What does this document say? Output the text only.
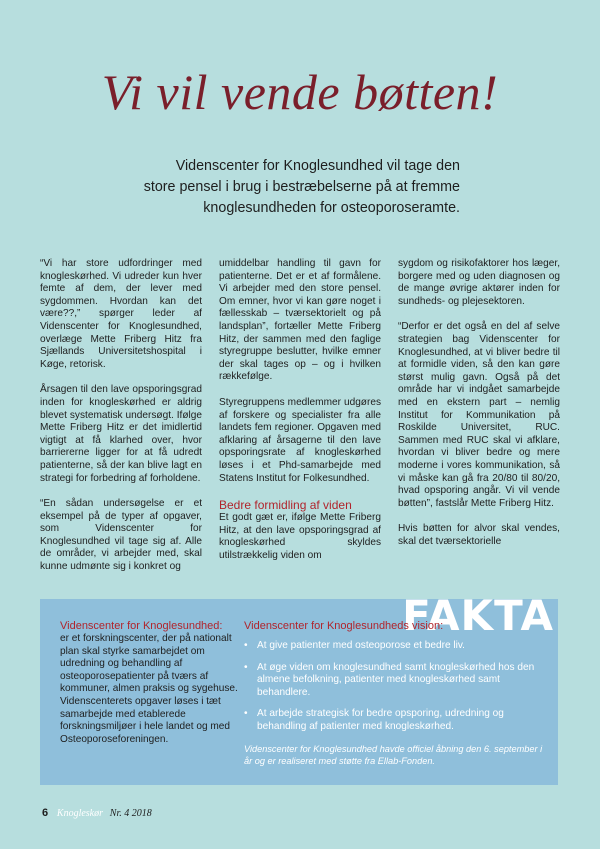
Vi vil vende bøtten!
Videnscenter for Knoglesundhed vil tage den
store pensel i brug i bestræbelserne på at fremme
knoglesundheden for osteoporoseramte.

“Vi har store udfordringer med knogleskørhed. Vi udreder kun hver femte af dem, der lever med sygdommen. Hvordan kan det være??,” spørger leder af Videnscenter for Knoglesundhed, overlæge Mette Friberg Hitz fra Sjællands Universitetshospital i Køge, retorisk.

Årsagen til den lave opsporingsgrad inden for knogleskørhed er aldrig blevet systematisk undersøgt. Ifølge Mette Friberg Hitz er det imidlertid vigtigt at få klarhed over, hvor barriererne ligger for at få udredt patienterne, så der kan blive lagt en strategi for forbedring af forholdene.

“En sådan undersøgelse er et eksempel på de typer af opgaver, som Videnscenter for Knoglesundhed vil tage sig af. Alle de områder, vi arbejder med, skal kunne udmønte sig i konkret og

umiddelbar handling til gavn for patienterne. Det er et af formålene. Vi arbejder med den store pensel. Om emner, hvor vi kan gøre noget i fællesskab – tværsektorielt og på landsplan”, fortæller Mette Friberg Hitz, der sammen med den faglige styregruppe beslutter, hvilke emner der skal tages op – og i hvilken rækkefølge.

Styregruppens medlemmer udgøres af forskere og specialister fra alle landets fem regioner. Opgaven med afklaring af årsagerne til den lave opsporingsrate af knogleskørhed løses i et Phd-samarbejde med Statens Institut for Folkesundhed.

Bedre formidling af viden

Et godt gæt er, ifølge Mette Friberg Hitz, at den lave opsporingsgrad af knogleskørhed skyldes utilstrækkelig viden om

sygdom og risikofaktorer hos læger, borgere med og uden diagnosen og de mange øvrige aktører inden for sundheds- og plejesektoren.

“Derfor er det også en del af selve strategien bag Videnscenter for Knoglesundhed, at vi bliver bedre til at formidle viden, så den kan gøre størst mulig gavn. Også på det område har vi indgået samarbejde med en ekstern part – nemlig Institut for Kommunikation på Roskilde Universitet, RUC. Sammen med RUC skal vi afklare, hvordan vi bliver bedre og mere moderne i vores kommunikation, så vi måske kan gå fra 20/80 til 80/20, hvad opsporing angår. Vi vil vende bøtten”, fastslår Mette Friberg Hitz.

Hvis bøtten for alvor skal vendes, skal det tværsektorielle

FAKTA
Videnscenter for Knoglesundhed:
er et forskningscenter, der på nationalt plan skal styrke samarbejdet om udredning og behandling af osteoporosepatienter på tværs af kommuner, almen praksis og sygehuse. Videnscenterets opgaver løses i tæt samarbejde med etablerede forskningsmiljøer i hele landet og med Osteoporoseforeningen.
Videnscenter for Knoglesundheds vision:
• At give patienter med osteoporose et bedre liv.
• At øge viden om knoglesundhed samt knogleskørhed hos den almene befolkning, patienter med knogleskørhed samt behandlere.
• At arbejde strategisk for bedre opsporing, udredning og behandling af patienter med knogleskørhed.
Videnscenter for Knoglesundhed havde officiel åbning den 6. september i år og er realiseret med støtte fra Ellab-Fonden.
6 Knogleskør Nr. 4 2018
